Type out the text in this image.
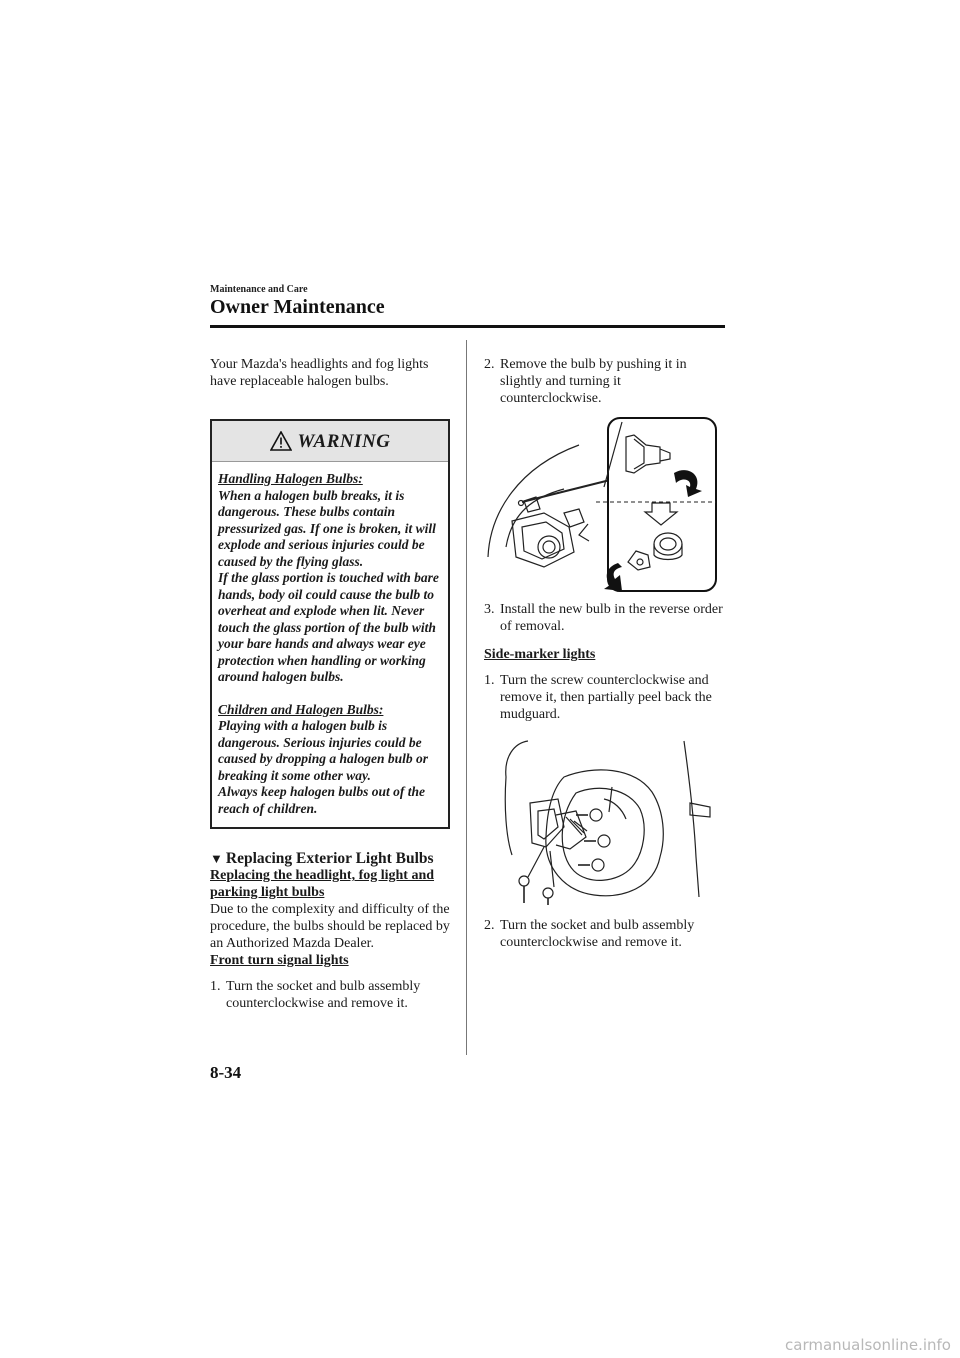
Maintenance and Care
Owner Maintenance

Your Mazda's headlights and fog lights have replaceable halogen bulbs.

WARNING

Handling Halogen Bulbs:

When a halogen bulb breaks, it is dangerous. These bulbs contain pressurized gas. If one is broken, it will explode and serious injuries could be caused by the flying glass.

If the glass portion is touched with bare hands, body oil could cause the bulb to overheat and explode when lit. Never touch the glass portion of the bulb with your bare hands and always wear eye protection when handling or working around halogen bulbs.

Children and Halogen Bulbs:

Playing with a halogen bulb is dangerous. Serious injuries could be caused by dropping a halogen bulb or breaking it some other way.

Always keep halogen bulbs out of the reach of children.

▼ Replacing Exterior Light Bulbs

Replacing the headlight, fog light and parking light bulbs

Due to the complexity and difficulty of the procedure, the bulbs should be replaced by an Authorized Mazda Dealer.

Front turn signal lights

1. Turn the socket and bulb assembly counterclockwise and remove it.
2. Remove the bulb by pushing it in slightly and turning it counterclockwise.
3. Install the new bulb in the reverse order of removal.

Side-marker lights

1. Turn the screw counterclockwise and remove it, then partially peel back the mudguard.
2. Turn the socket and bulb assembly counterclockwise and remove it.
8-34
carmanualsonline.info
